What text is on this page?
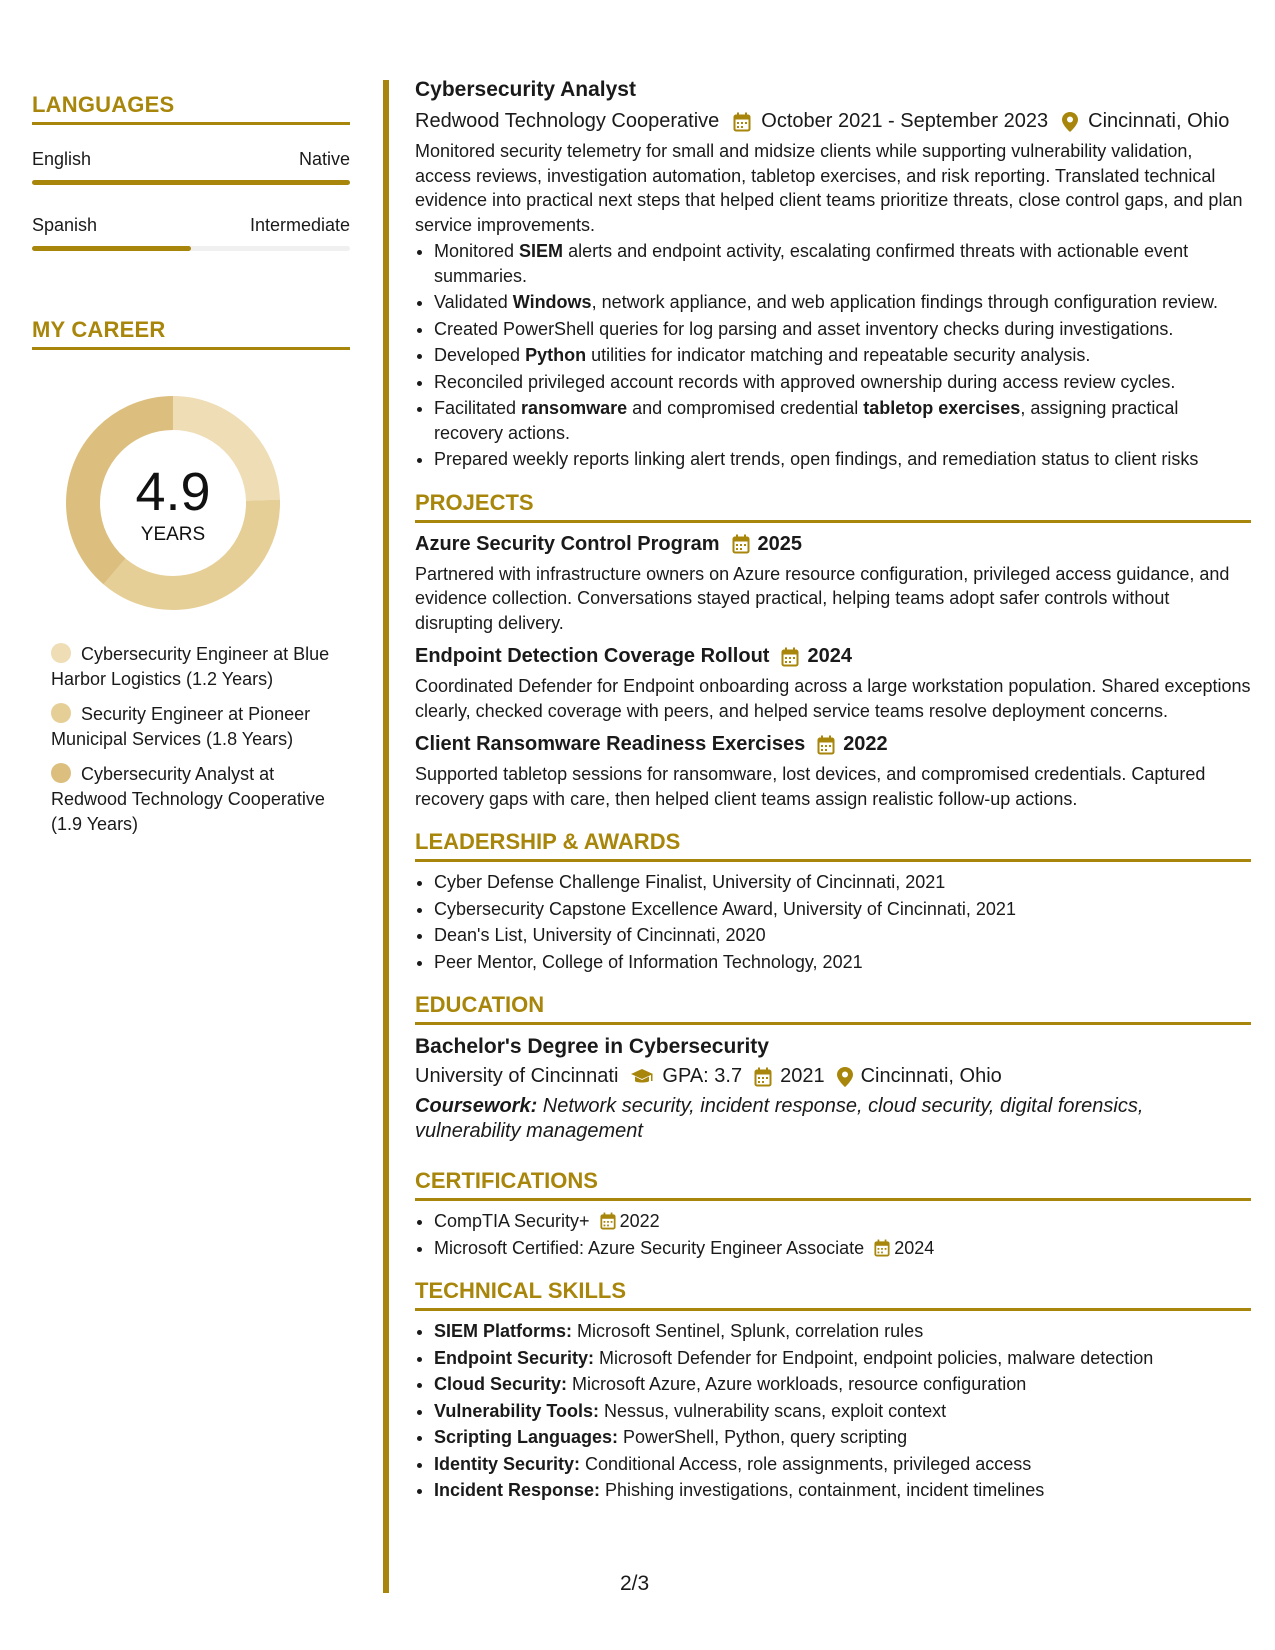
LANGUAGES
English	Native
Spanish	Intermediate
MY CAREER
4.9
YEARS
Cybersecurity Engineer at Blue Harbor Logistics (1.2 Years)
Security Engineer at Pioneer Municipal Services (1.8 Years)
Cybersecurity Analyst at Redwood Technology Cooperative (1.9 Years)
Cybersecurity Analyst
Redwood Technology Cooperative October 2021 - September 2023 Cincinnati, Ohio

Monitored security telemetry for small and midsize clients while supporting vulnerability validation, access reviews, investigation automation, tabletop exercises, and risk reporting. Translated technical evidence into practical next steps that helped client teams prioritize threats, close control gaps, and plan service improvements.

• Monitored SIEM alerts and endpoint activity, escalating confirmed threats with actionable event summaries.
• Validated Windows, network appliance, and web application findings through configuration review.
• Created PowerShell queries for log parsing and asset inventory checks during investigations.
• Developed Python utilities for indicator matching and repeatable security analysis.
• Reconciled privileged account records with approved ownership during access review cycles.
• Facilitated ransomware and compromised credential tabletop exercises, assigning practical recovery actions.
• Prepared weekly reports linking alert trends, open findings, and remediation status to client risks
PROJECTS
Azure Security Control Program 2025

Partnered with infrastructure owners on Azure resource configuration, privileged access guidance, and evidence collection. Conversations stayed practical, helping teams adopt safer controls without disrupting delivery.

Endpoint Detection Coverage Rollout 2024

Coordinated Defender for Endpoint onboarding across a large workstation population. Shared exceptions clearly, checked coverage with peers, and helped service teams resolve deployment concerns.

Client Ransomware Readiness Exercises 2022

Supported tabletop sessions for ransomware, lost devices, and compromised credentials. Captured recovery gaps with care, then helped client teams assign realistic follow-up actions.

LEADERSHIP & AWARDS
• Cyber Defense Challenge Finalist, University of Cincinnati, 2021
• Cybersecurity Capstone Excellence Award, University of Cincinnati, 2021
• Dean's List, University of Cincinnati, 2020
• Peer Mentor, College of Information Technology, 2021
EDUCATION
Bachelor's Degree in Cybersecurity
University of Cincinnati GPA: 3.7 2021 Cincinnati, Ohio
Coursework: Network security, incident response, cloud security, digital forensics, vulnerability management
CERTIFICATIONS
• CompTIA Security+ 2022
• Microsoft Certified: Azure Security Engineer Associate 2024
TECHNICAL SKILLS
• SIEM Platforms: Microsoft Sentinel, Splunk, correlation rules
• Endpoint Security: Microsoft Defender for Endpoint, endpoint policies, malware detection
• Cloud Security: Microsoft Azure, Azure workloads, resource configuration
• Vulnerability Tools: Nessus, vulnerability scans, exploit context
• Scripting Languages: PowerShell, Python, query scripting
• Identity Security: Conditional Access, role assignments, privileged access
• Incident Response: Phishing investigations, containment, incident timelines
2/3
